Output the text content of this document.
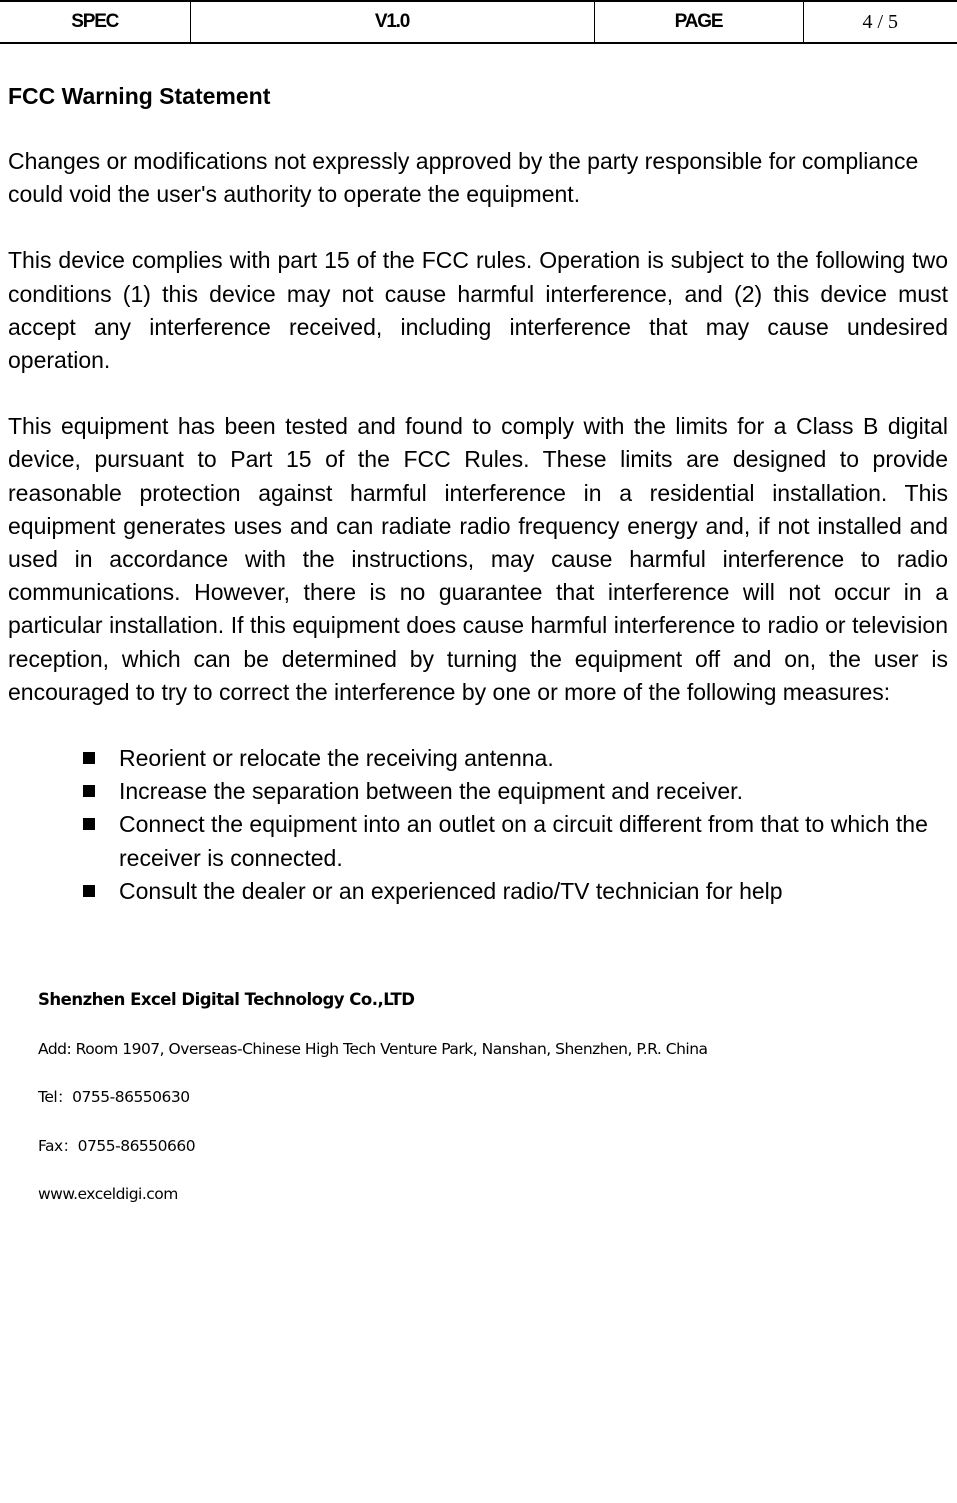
SPEC	V1.0	PAGE	4 / 5
FCC Warning Statement

Changes or modifications not expressly approved by the party responsible for compliance could void the user's authority to operate the equipment.

This device complies with part 15 of the FCC rules. Operation is subject to the following two conditions (1) this device may not cause harmful interference, and (2) this device must accept any interference received, including interference that may cause undesired operation.

This equipment has been tested and found to comply with the limits for a Class B digital device, pursuant to Part 15 of the FCC Rules. These limits are designed to provide reasonable protection against harmful interference in a residential installation. This equipment generates uses and can radiate radio frequency energy and, if not installed and used in accordance with the instructions, may cause harmful interference to radio communications. However, there is no guarantee that interference will not occur in a particular installation. If this equipment does cause harmful interference to radio or television reception, which can be determined by turning the equipment off and on, the user is encouraged to try to correct the interference by one or more of the following measures:

Reorient or relocate the receiving antenna.
Increase the separation between the equipment and receiver.
Connect the equipment into an outlet on a circuit different from that to which the receiver is connected.
Consult the dealer or an experienced radio/TV technician for help
Shenzhen Excel Digital Technology Co.,LTD
Add: Room 1907, Overseas-Chinese High Tech Venture Park, Nanshan, Shenzhen, P.R. China
Tel：0755-86550630
Fax：0755-86550660
www.exceldigi.com
